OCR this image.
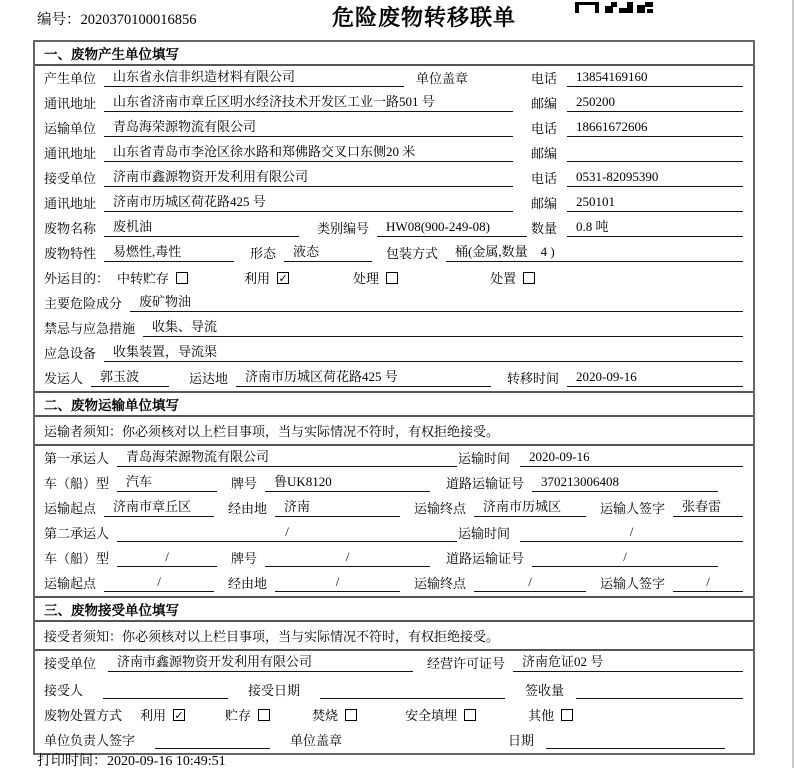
编号：2020370100016856	危险废物转移联单
一、废物产生单位填写
产生单位	山东省永信非织造材料有限公司	单位盖章	电话	13854169160
通讯地址	山东省济南市章丘区明水经济技术开发区工业一路501 号	邮编	250200
运输单位	青岛海荣源物流有限公司	电话	18661672606
通讯地址	山东省青岛市李沧区徐水路和郑佛路交叉口东侧20 米	邮编
接受单位	济南市鑫源物资开发利用有限公司	电话	0531-82095390
通讯地址	济南市历城区荷花路425 号	邮编	250101
废物名称	废机油	类别编号	HW08(900-249-08)	数量	0.8 吨
废物特性	易燃性,毒性	形态	液态	包装方式	桶(金属,数量　4 )
外运目的： 中转贮存	利用 ✓	处理	处置
主要危险成分	废矿物油
禁忌与应急措施	收集、导流
应急设备	收集装置，导流渠
发运人	郭玉波	运达地	济南市历城区荷花路425 号	转移时间	2020-09-16
二、废物运输单位填写
运输者须知：你必须核对以上栏目事项，当与实际情况不符时，有权拒绝接受。
第一承运人	青岛海荣源物流有限公司	运输时间	2020-09-16
车（船）型	汽车	牌号	鲁UK8120	道路运输证号	370213006408
运输起点	济南市章丘区	经由地	济南	运输终点	济南市历城区	运输人签字	张春雷
第二承运人	/	运输时间	/
车（船）型	/	牌号	/	道路运输证号	/
运输起点	/	经由地	/	运输终点	/	运输人签字	/
三、废物接受单位填写
接受者须知：你必须核对以上栏目事项，当与实际情况不符时，有权拒绝接受。
接受单位	济南市鑫源物资开发利用有限公司	经营许可证号	济南危证02 号
接受人	接受日期	签收量
废物处置方式 利用 ✓	贮存	焚烧	安全填埋	其他
单位负责人签字	单位盖章	日期
打印时间：2020-09-16 10:49:51
